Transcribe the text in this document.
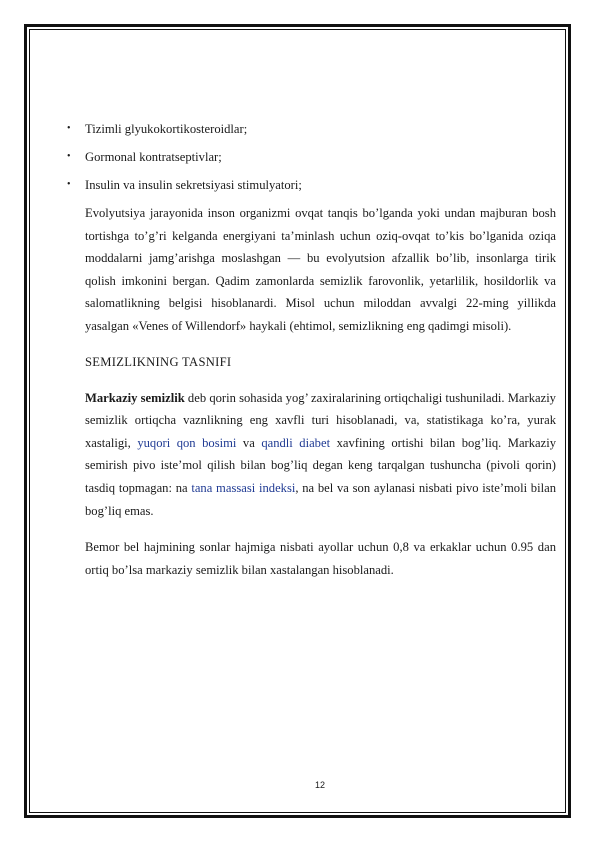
• Tizimli glyukokortikosteroidlar;
• Gormonal kontratseptivlar;
• Insulin va insulin sekretsiyasi stimulyatori;

Evolyutsiya jarayonida inson organizmi ovqat tanqis bo’lganda yoki undan majburan bosh tortishga to’g’ri kelganda energiyani ta’minlash uchun oziq-ovqat to’kis bo’lganida oziqa moddalarni jamg’arishga moslashgan — bu evolyutsion afzallik bo’lib, insonlarga tirik qolish imkonini bergan. Qadim zamonlarda semizlik farovonlik, yetarlilik, hosildorlik va salomatlikning belgisi hisoblanardi. Misol uchun miloddan avvalgi 22-ming yillikda yasalgan «Venes of Willendorf» haykali (ehtimol, semizlikning eng qadimgi misoli).

SEMIZLIKNING TASNIFI

Markaziy semizlik deb qorin sohasida yog’ zaxiralarining ortiqchaligi tushuniladi. Markaziy semizlik ortiqcha vaznlikning eng xavfli turi hisoblanadi, va, statistikaga ko’ra, yurak xastaligi, yuqori qon bosimi va qandli diabet xavfining ortishi bilan bog’liq. Markaziy semirish pivo iste’mol qilish bilan bog’liq degan keng tarqalgan tushuncha (pivoli qorin) tasdiq topmagan: na tana massasi indeksi, na bel va son aylanasi nisbati pivo iste’moli bilan bog’liq emas.

Bemor bel hajmining sonlar hajmiga nisbati ayollar uchun 0,8 va erkaklar uchun 0.95 dan ortiq bo’lsa markaziy semizlik bilan xastalangan hisoblanadi.

12
